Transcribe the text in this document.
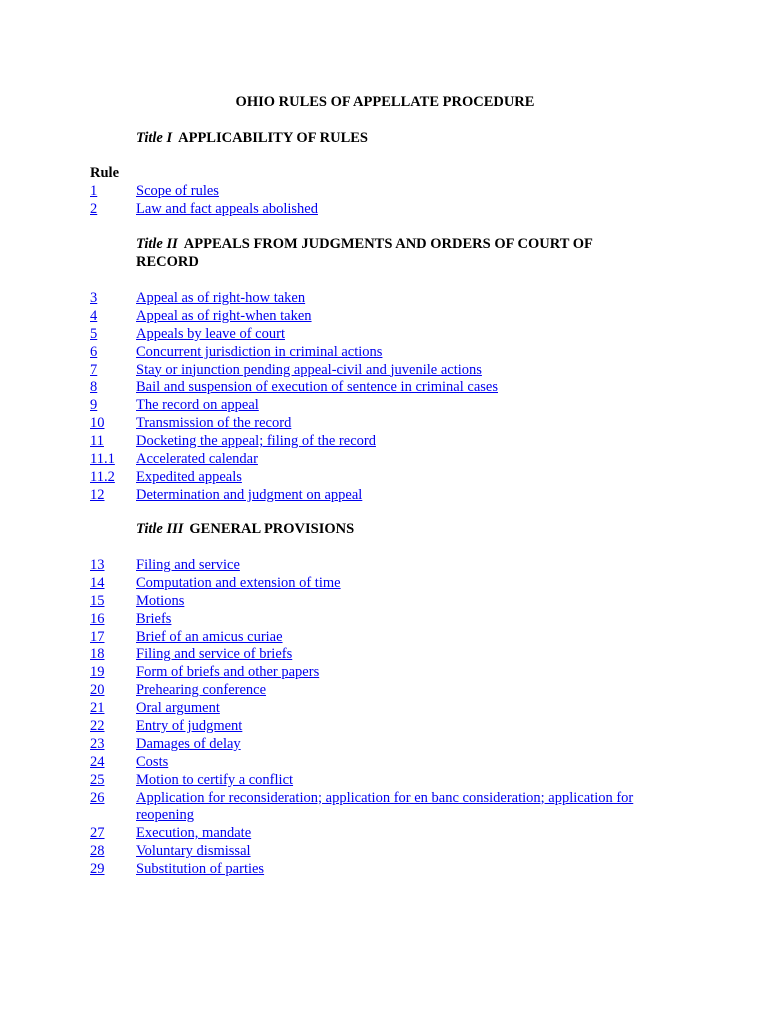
OHIO RULES OF APPELLATE PROCEDURE
Title I APPLICABILITY OF RULES
Rule
1	Scope of rules
2	Law and fact appeals abolished
Title II APPEALS FROM JUDGMENTS AND ORDERS OF COURT OF RECORD
3	Appeal as of right-how taken
4	Appeal as of right-when taken
5	Appeals by leave of court
6	Concurrent jurisdiction in criminal actions
7	Stay or injunction pending appeal-civil and juvenile actions
8	Bail and suspension of execution of sentence in criminal cases
9	The record on appeal
10 Transmission of the record
11 Docketing the appeal; filing of the record
11.1 Accelerated calendar
11.2 Expedited appeals
12 Determination and judgment on appeal
Title III GENERAL PROVISIONS
13 Filing and service
14 Computation and extension of time
15 Motions
16 Briefs
17 Brief of an amicus curiae
18 Filing and service of briefs
19 Form of briefs and other papers
20 Prehearing conference
21 Oral argument
22 Entry of judgment
23 Damages of delay
24 Costs
25 Motion to certify a conflict
26 Application for reconsideration; application for en banc consideration; application for reopening
27 Execution, mandate
28 Voluntary dismissal
29 Substitution of parties
